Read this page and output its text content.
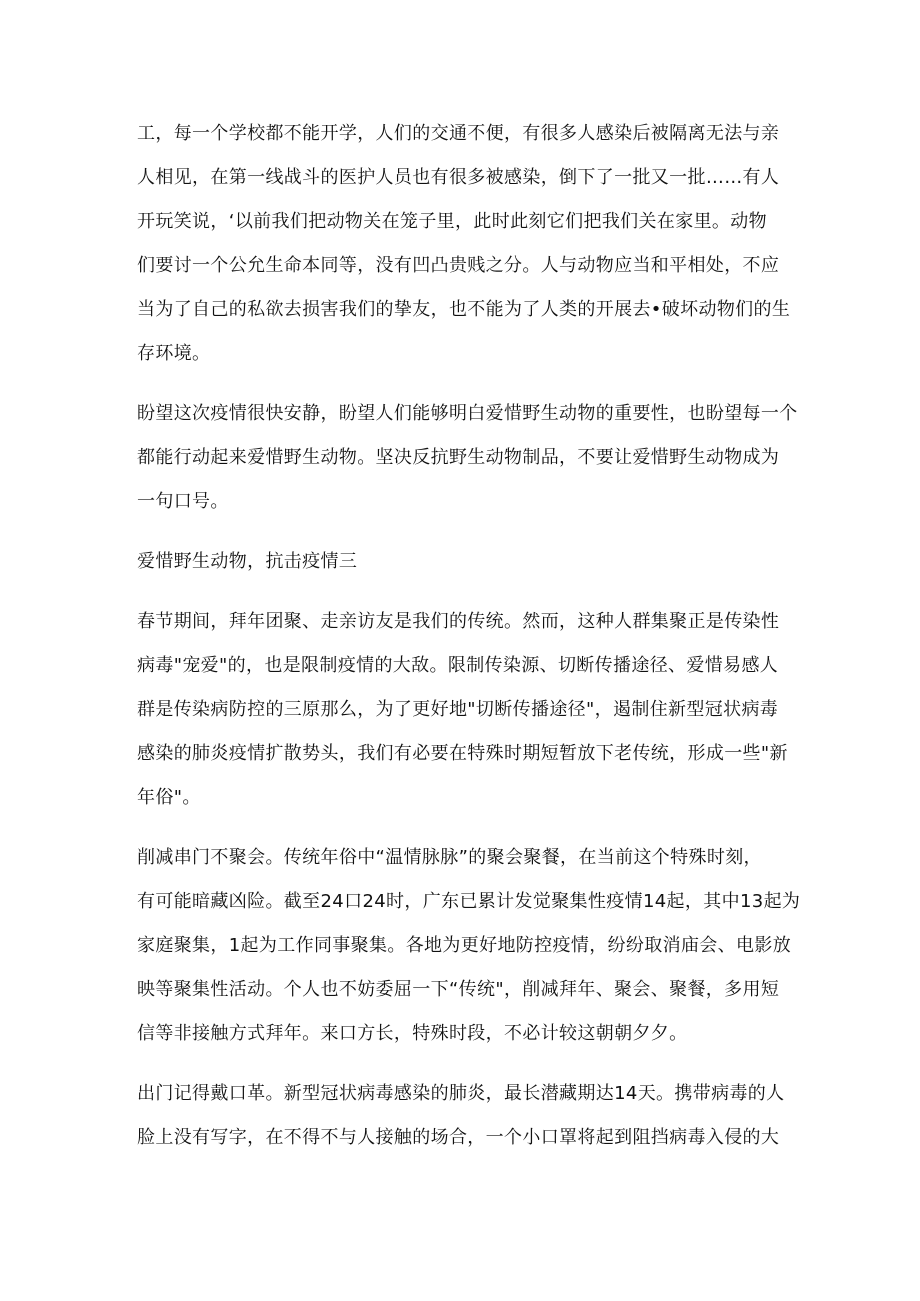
工，每一个学校都不能开学，人们的交通不便，有很多人感染后被隔离无法与亲
人相见，在第一线战斗的医护人员也有很多被感染，倒下了一批又一批……有人
开玩笑说，‘以前我们把动物关在笼子里，此时此刻它们把我们关在家里。动物
们要讨一个公允生命本同等，没有凹凸贵贱之分。人与动物应当和平相处，不应
当为了自己的私欲去损害我们的挚友，也不能为了人类的开展去•破坏动物们的生
存环境。
盼望这次疫情很快安静，盼望人们能够明白爱惜野生动物的重要性，也盼望每一个
都能行动起来爱惜野生动物。坚决反抗野生动物制品，不要让爱惜野生动物成为
一句口号。
爱惜野生动物，抗击疫情三
春节期间，拜年团聚、走亲访友是我们的传统。然而，这种人群集聚正是传染性
病毒"宠爱"的，也是限制疫情的大敌。限制传染源、切断传播途径、爱惜易感人
群是传染病防控的三原那么，为了更好地"切断传播途径"，遏制住新型冠状病毒
感染的肺炎疫情扩散势头，我们有必要在特殊时期短暂放下老传统，形成一些"新
年俗"。
削减串门不聚会。传统年俗中“温情脉脉”的聚会聚餐，在当前这个特殊时刻，
有可能暗藏凶险。截至24口24时，广东已累计发觉聚集性疫情14起，其中13起为
家庭聚集，1起为工作同事聚集。各地为更好地防控疫情，纷纷取消庙会、电影放
映等聚集性活动。个人也不妨委屈一下“传统"，削减拜年、聚会、聚餐，多用短
信等非接触方式拜年。来口方长，特殊时段，不必计较这朝朝夕夕。
出门记得戴口革。新型冠状病毒感染的肺炎，最长潜藏期达14天。携带病毒的人
脸上没有写字，在不得不与人接触的场合，一个小口罩将起到阻挡病毒入侵的大
